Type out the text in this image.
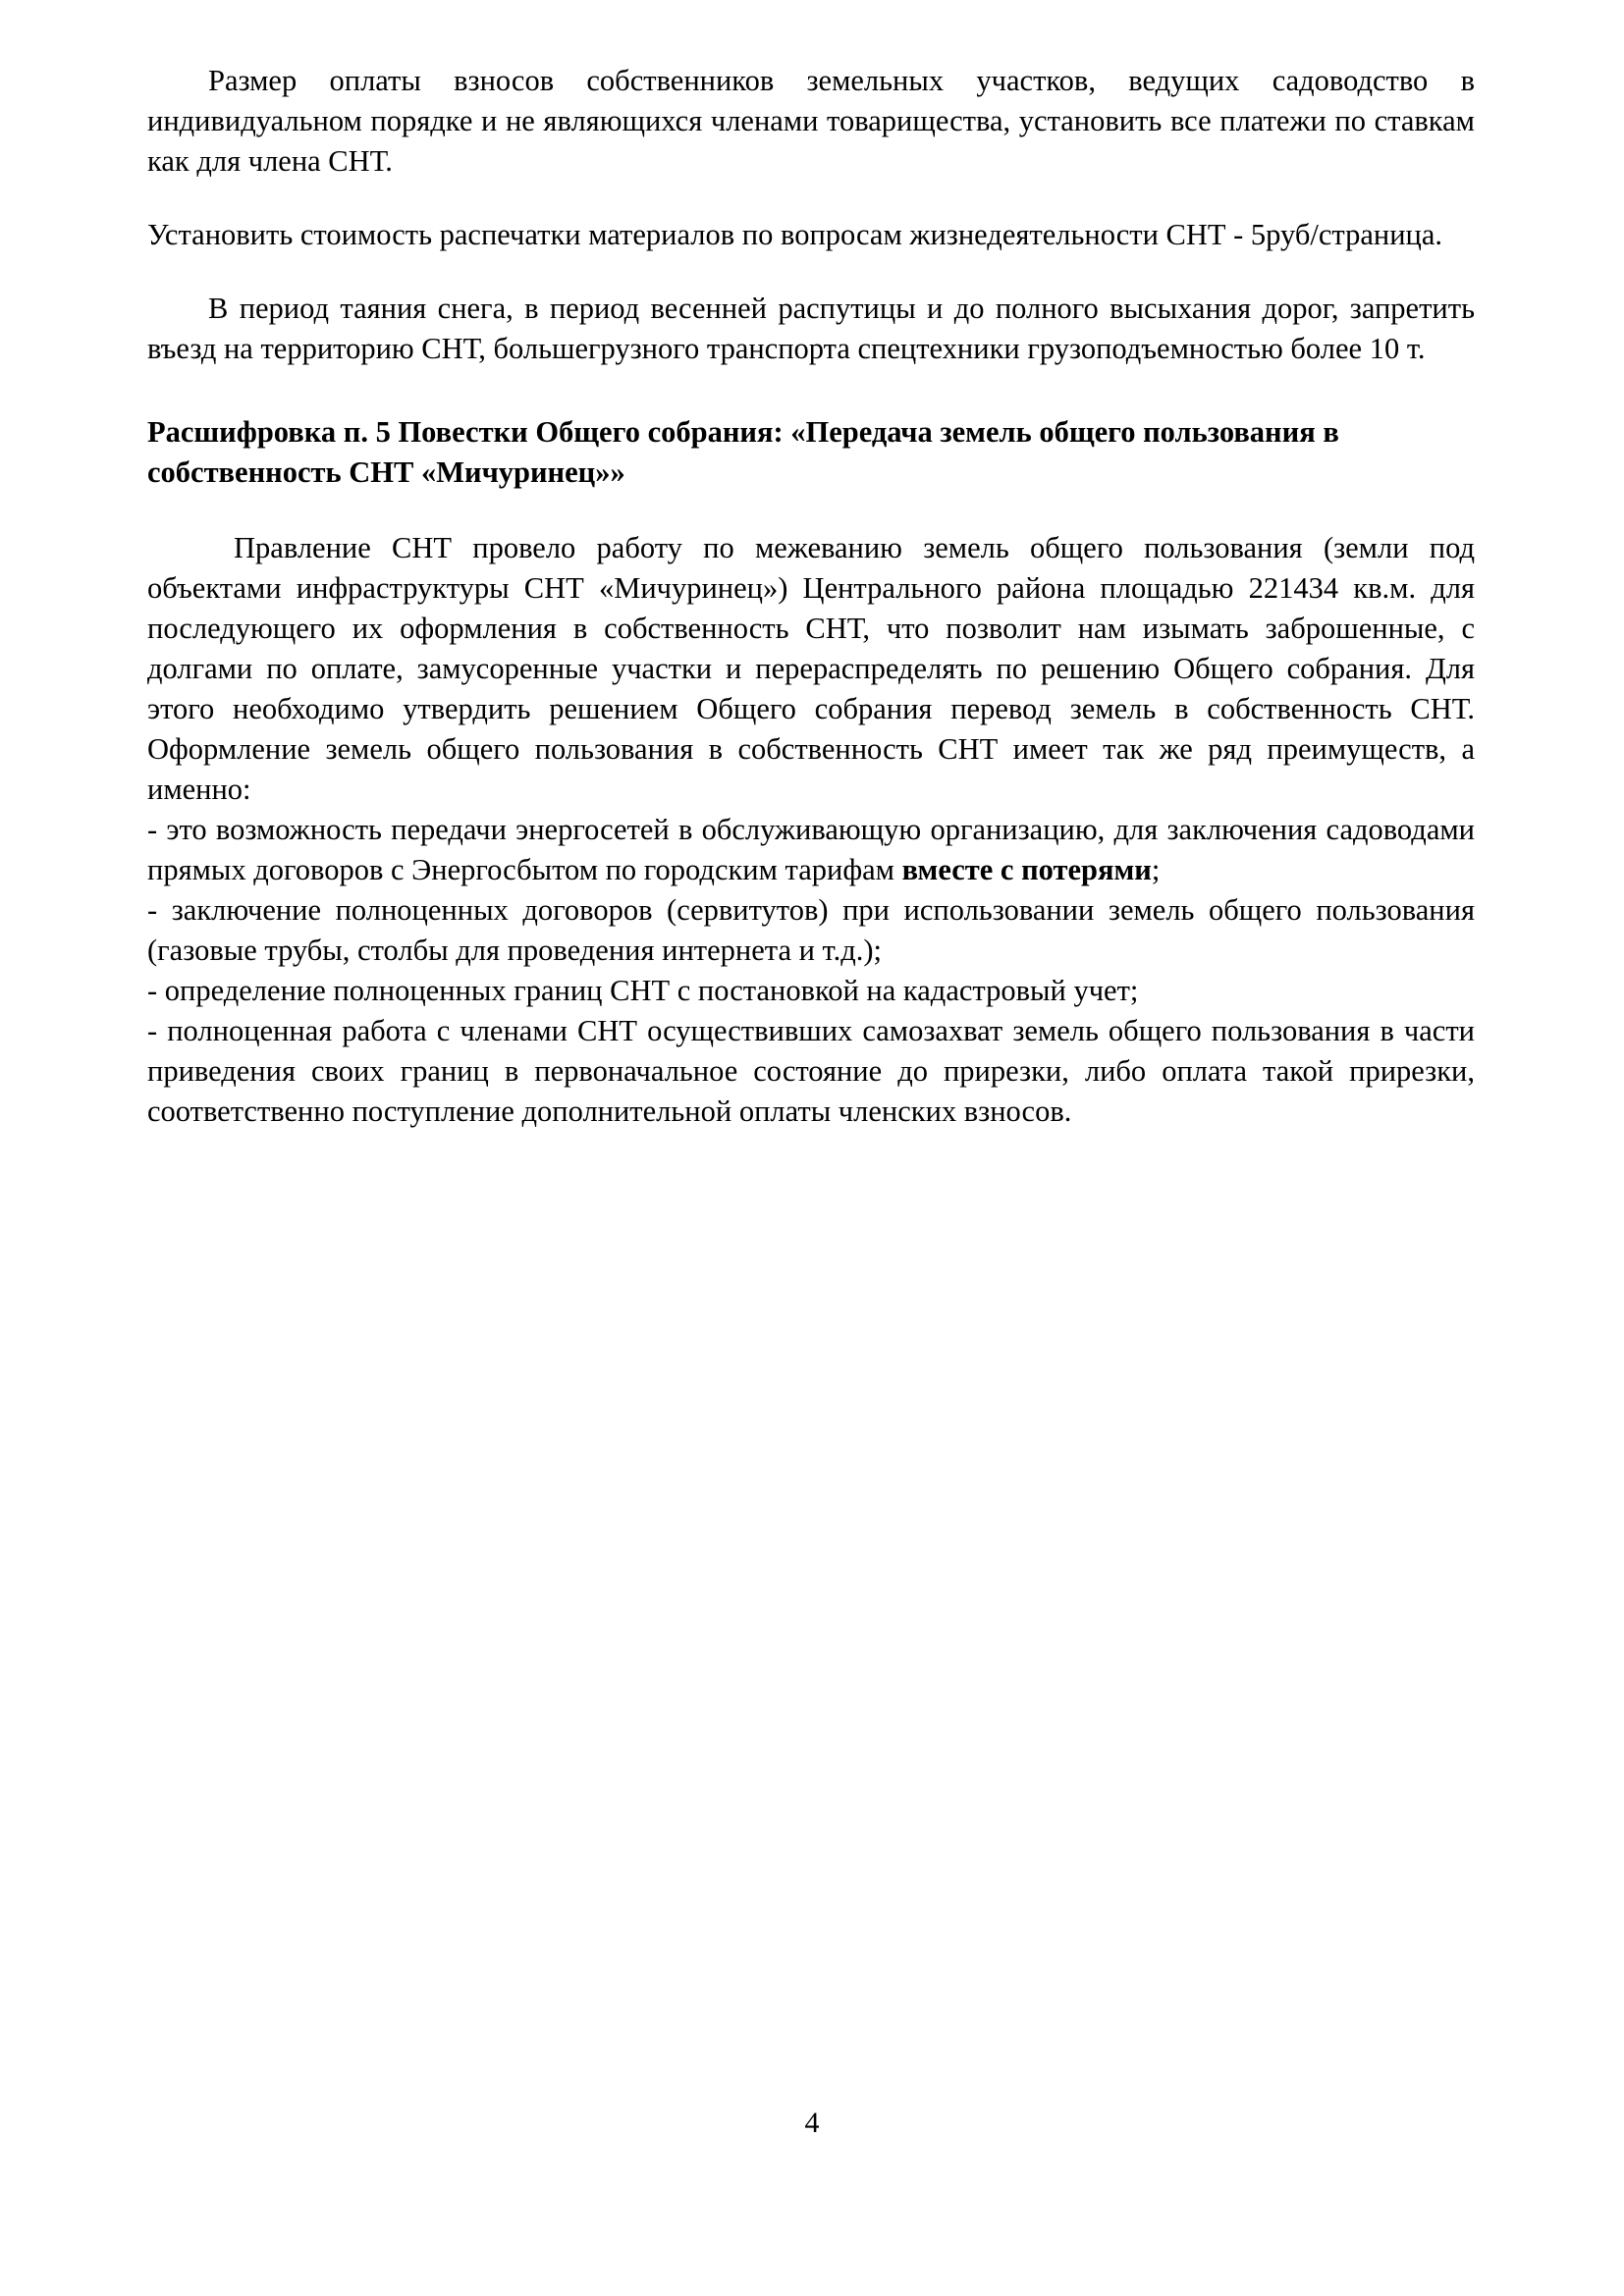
Размер оплаты взносов собственников земельных участков, ведущих садоводство в индивидуальном порядке и не являющихся членами товарищества, установить все платежи по ставкам как для члена СНТ.

Установить стоимость распечатки материалов по вопросам жизнедеятельности СНТ - 5руб/страница.

В период таяния снега, в период весенней распутицы и до полного высыхания дорог, запретить въезд на территорию СНТ, большегрузного транспорта спецтехники грузоподъемностью более 10 т.

Расшифровка п. 5 Повестки Общего собрания: «Передача земель общего пользования в собственность СНТ «Мичуринец»»

Правление СНТ провело работу по межеванию земель общего пользования (земли под объектами инфраструктуры СНТ «Мичуринец») Центрального района площадью 221434 кв.м. для последующего их оформления в собственность СНТ, что позволит нам изымать заброшенные, с долгами по оплате, замусоренные участки и перераспределять по решению Общего собрания. Для этого необходимо утвердить решением Общего собрания перевод земель в собственность СНТ. Оформление земель общего пользования в собственность СНТ имеет так же ряд преимуществ, а именно:

- это возможность передачи энергосетей в обслуживающую организацию, для заключения садоводами прямых договоров с Энергосбытом по городским тарифам вместе с потерями;

- заключение полноценных договоров (сервитутов) при использовании земель общего пользования (газовые трубы, столбы для проведения интернета и т.д.);

- определение полноценных границ СНТ с постановкой на кадастровый учет;

- полноценная работа с членами СНТ осуществивших самозахват земель общего пользования в части приведения своих границ в первоначальное состояние до прирезки, либо оплата такой прирезки, соответственно поступление дополнительной оплаты членских взносов.

4
